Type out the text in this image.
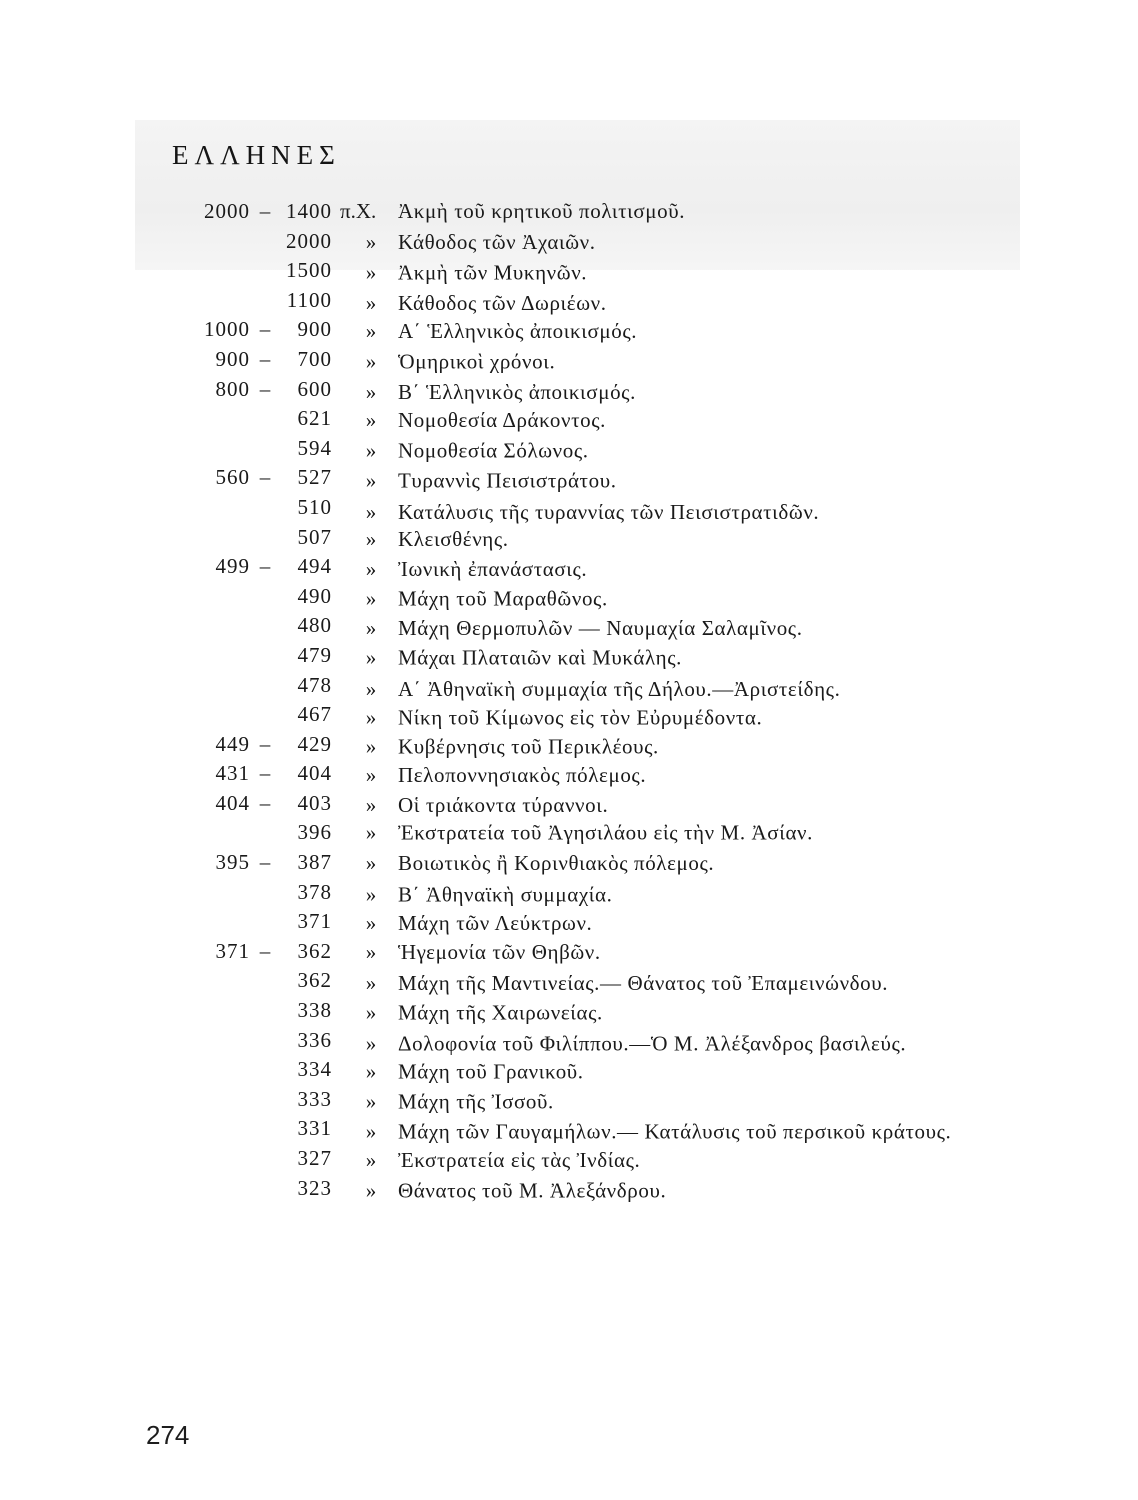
ΕΛΛΗΝΕΣ
2000 – 1400 π.Χ. Ἀκμὴ τοῦ κρητικοῦ πολιτισμοῦ.
2000 » Κάθοδος τῶν Ἀχαιῶν.
1500 » Ἀκμὴ τῶν Μυκηνῶν.
1100 » Κάθοδος τῶν Δωριέων.
1000 –	900 » Α΄ Ἑλληνικὸς ἀποικισμός.
900 –	700 » Ὁμηρικοὶ χρόνοι.
800 –	600 » Β΄ Ἑλληνικὸς ἀποικισμός.
621 » Νομοθεσία Δράκοντος.
594 » Νομοθεσία Σόλωνος.
560 –	527 » Τυραννὶς Πεισιστράτου.
510 » Κατάλυσις τῆς τυραννίας τῶν Πεισιστρατιδῶν.
507 » Κλεισθένης.
499 –	494 » Ἰωνικὴ ἐπανάστασις.
490 » Μάχη τοῦ Μαραθῶνος.
480 » Μάχη Θερμοπυλῶν — Ναυμαχία Σαλαμῖνος.
479 » Μάχαι Πλαταιῶν καὶ Μυκάλης.
478 » Α΄ Ἀθηναϊκὴ συμμαχία τῆς Δήλου.—Ἀριστείδης.
467 » Νίκη τοῦ Κίμωνος εἰς τὸν Εὐρυμέδοντα.
449 –	429 » Κυβέρνησις τοῦ Περικλέους.
431 –	404 » Πελοποννησιακὸς πόλεμος.
404 –	403 » Οἱ τριάκοντα τύραννοι.
396 » Ἐκστρατεία τοῦ Ἀγησιλάου εἰς τὴν Μ. Ἀσίαν.
395 –	387 » Βοιωτικὸς ἢ Κορινθιακὸς πόλεμος.
378 » Β΄ Ἀθηναϊκὴ συμμαχία.
371 » Μάχη τῶν Λεύκτρων.
371 –	362 » Ἡγεμονία τῶν Θηβῶν.
362 » Μάχη τῆς Μαντινείας.— Θάνατος τοῦ Ἐπαμεινώνδου.
338 » Μάχη τῆς Χαιρωνείας.
336 » Δολοφονία τοῦ Φιλίππου.—Ὁ Μ. Ἀλέξανδρος βασιλεύς.
334 » Μάχη τοῦ Γρανικοῦ.
333 » Μάχη τῆς Ἰσσοῦ.
331 » Μάχη τῶν Γαυγαμήλων.— Κατάλυσις τοῦ περσικοῦ κράτους.
327 » Ἐκστρατεία εἰς τὰς Ἰνδίας.
323 » Θάνατος τοῦ Μ. Ἀλεξάνδρου.
274
